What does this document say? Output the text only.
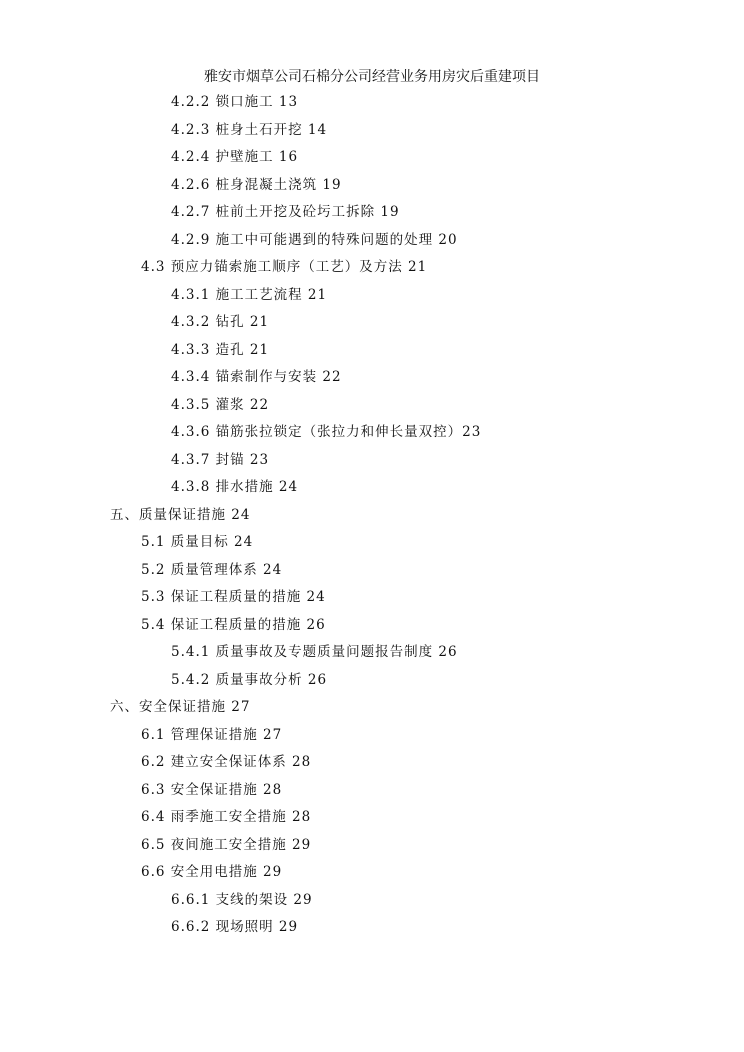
雅安市烟草公司石棉分公司经营业务用房灾后重建项目
4.2.2 锁口施工 13
4.2.3 桩身土石开挖 14
4.2.4 护壁施工 16
4.2.6 桩身混凝土浇筑 19
4.2.7 桩前土开挖及砼圬工拆除 19
4.2.9 施工中可能遇到的特殊问题的处理 20
4.3 预应力锚索施工顺序（工艺）及方法 21
4.3.1 施工工艺流程 21
4.3.2 钻孔 21
4.3.3 造孔 21
4.3.4 锚索制作与安装 22
4.3.5 灌浆 22
4.3.6 锚筋张拉锁定（张拉力和伸长量双控）23
4.3.7 封锚 23
4.3.8 排水措施 24
五、质量保证措施 24
5.1 质量目标 24
5.2 质量管理体系 24
5.3 保证工程质量的措施 24
5.4 保证工程质量的措施 26
5.4.1 质量事故及专题质量问题报告制度 26
5.4.2 质量事故分析 26
六、安全保证措施 27
6.1 管理保证措施 27
6.2 建立安全保证体系 28
6.3 安全保证措施 28
6.4 雨季施工安全措施 28
6.5 夜间施工安全措施 29
6.6 安全用电措施 29
6.6.1 支线的架设 29
6.6.2 现场照明 29
